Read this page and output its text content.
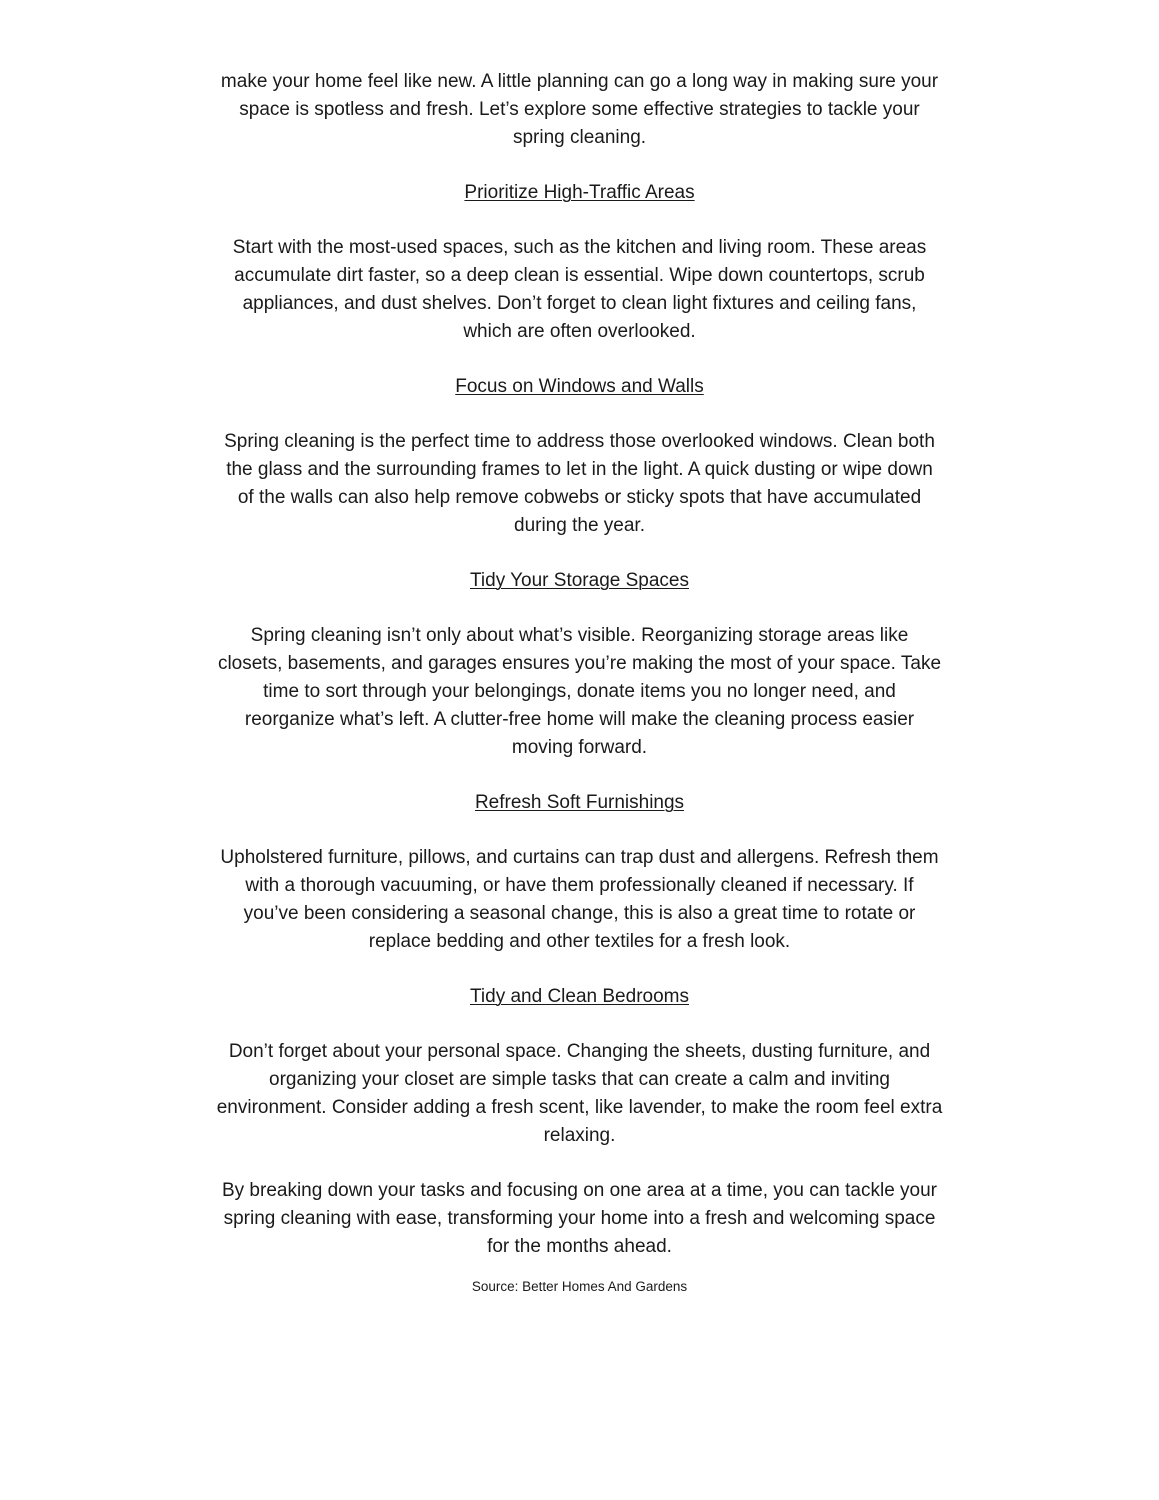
make your home feel like new. A little planning can go a long way in making sure your space is spotless and fresh. Let’s explore some effective strategies to tackle your spring cleaning.

Prioritize High-Traffic Areas

Start with the most-used spaces, such as the kitchen and living room. These areas accumulate dirt faster, so a deep clean is essential. Wipe down countertops, scrub appliances, and dust shelves. Don’t forget to clean light fixtures and ceiling fans, which are often overlooked.

Focus on Windows and Walls

Spring cleaning is the perfect time to address those overlooked windows. Clean both the glass and the surrounding frames to let in the light. A quick dusting or wipe down of the walls can also help remove cobwebs or sticky spots that have accumulated during the year.

Tidy Your Storage Spaces

Spring cleaning isn’t only about what’s visible. Reorganizing storage areas like closets, basements, and garages ensures you’re making the most of your space. Take time to sort through your belongings, donate items you no longer need, and reorganize what’s left. A clutter-free home will make the cleaning process easier moving forward.

Refresh Soft Furnishings

Upholstered furniture, pillows, and curtains can trap dust and allergens. Refresh them with a thorough vacuuming, or have them professionally cleaned if necessary. If you’ve been considering a seasonal change, this is also a great time to rotate or replace bedding and other textiles for a fresh look.

Tidy and Clean Bedrooms

Don’t forget about your personal space. Changing the sheets, dusting furniture, and organizing your closet are simple tasks that can create a calm and inviting environment. Consider adding a fresh scent, like lavender, to make the room feel extra relaxing.

By breaking down your tasks and focusing on one area at a time, you can tackle your spring cleaning with ease, transforming your home into a fresh and welcoming space for the months ahead.

Source: Better Homes And Gardens
